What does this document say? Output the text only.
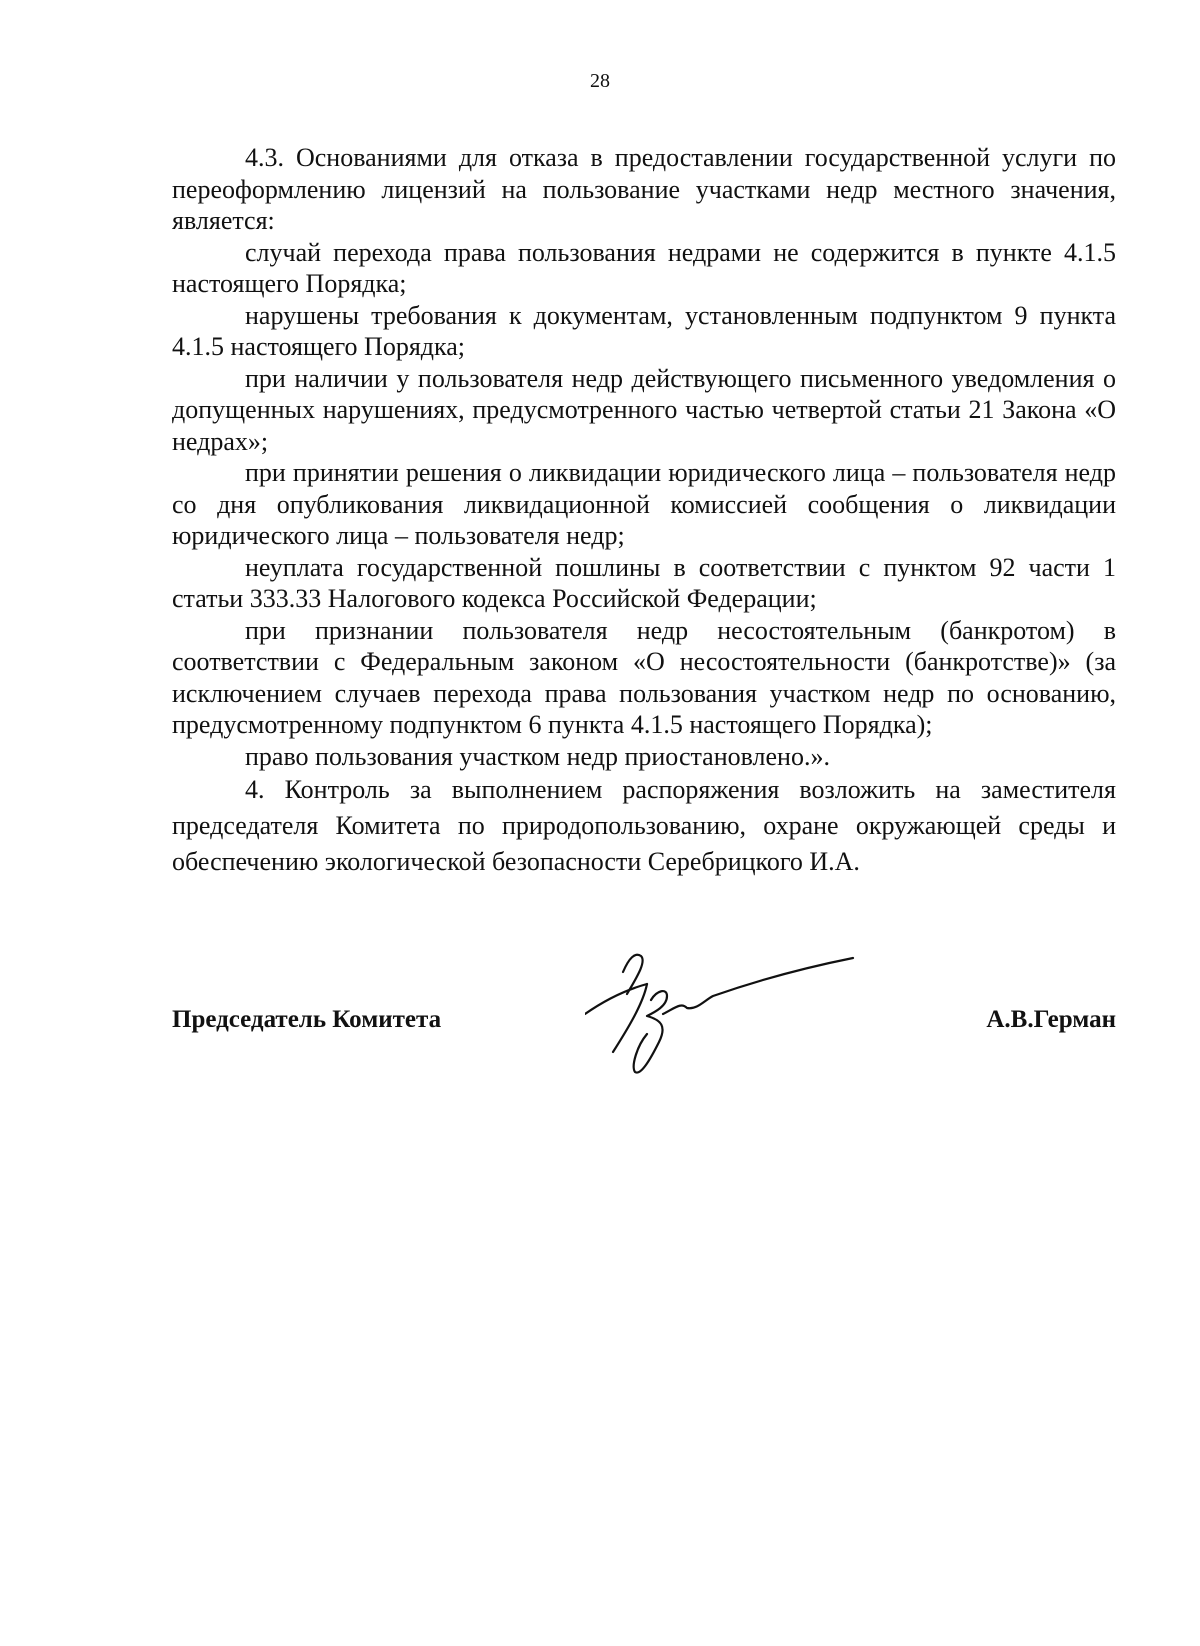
28

4.3. Основаниями для отказа в предоставлении государственной услуги по переоформлению лицензий на пользование участками недр местного значения, является:

случай перехода права пользования недрами не содержится в пункте 4.1.5 настоящего Порядка;

нарушены требования к документам, установленным подпунктом 9 пункта 4.1.5 настоящего Порядка;

при наличии у пользователя недр действующего письменного уведомления о допущенных нарушениях, предусмотренного частью четвертой статьи 21 Закона «О недрах»;

при принятии решения о ликвидации юридического лица – пользователя недр со дня опубликования ликвидационной комиссией сообщения о ликвидации юридического лица – пользователя недр;

неуплата государственной пошлины в соответствии с пунктом 92 части 1 статьи 333.33 Налогового кодекса Российской Федерации;

при признании пользователя недр несостоятельным (банкротом) в соответствии с Федеральным законом «О несостоятельности (банкротстве)» (за исключением случаев перехода права пользования участком недр по основанию, предусмотренному подпунктом 6 пункта 4.1.5 настоящего Порядка);

право пользования участком недр приостановлено.».

4. Контроль за выполнением распоряжения возложить на заместителя председателя Комитета по природопользованию, охране окружающей среды и обеспечению экологической безопасности Серебрицкого И.А.

Председатель Комитета	А.В.Герман
